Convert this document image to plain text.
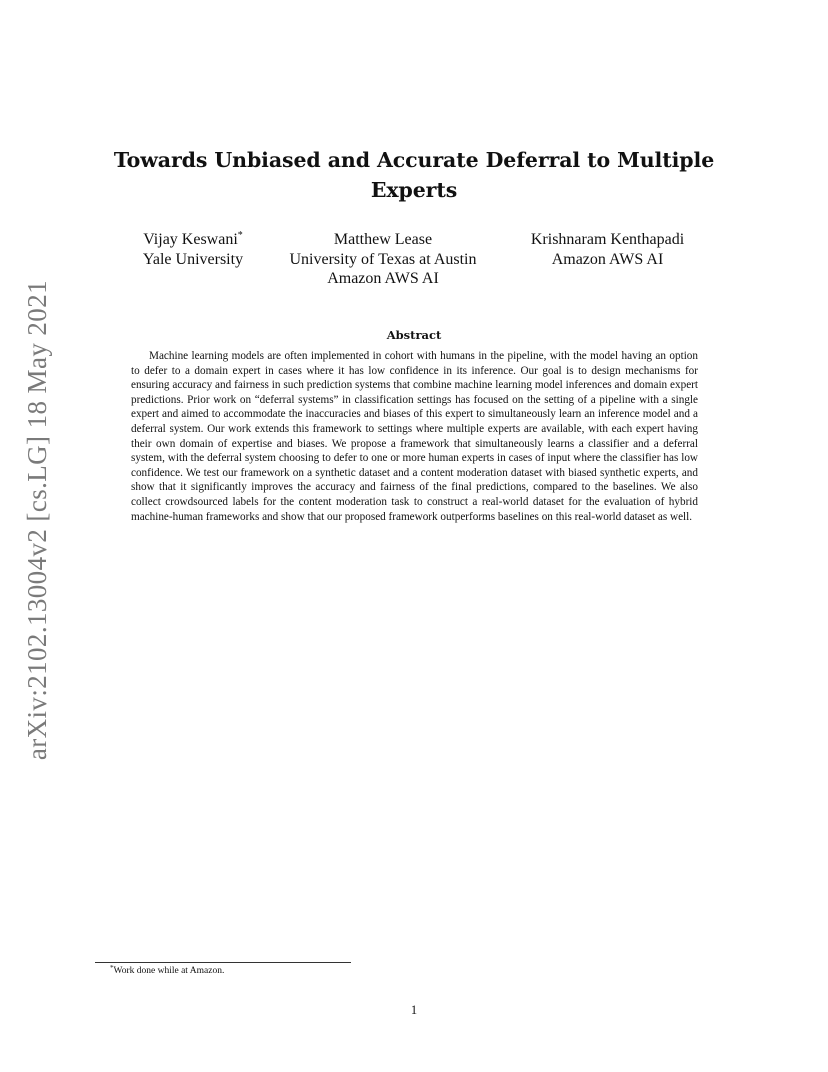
arXiv:2102.13004v2 [cs.LG] 18 May 2021
Towards Unbiased and Accurate Deferral to Multiple Experts
Vijay Keswani*
Yale University
Matthew Lease
University of Texas at Austin
Amazon AWS AI
Krishnaram Kenthapadi
Amazon AWS AI
Abstract

Machine learning models are often implemented in cohort with humans in the pipeline, with the model having an option to defer to a domain expert in cases where it has low confidence in its inference. Our goal is to design mechanisms for ensuring accuracy and fairness in such prediction systems that combine machine learning model inferences and domain expert predictions. Prior work on “deferral systems” in classification settings has focused on the setting of a pipeline with a single expert and aimed to accommodate the inaccuracies and biases of this expert to simultaneously learn an inference model and a deferral system. Our work extends this framework to settings where multiple experts are available, with each expert having their own domain of expertise and biases. We propose a framework that simultaneously learns a classifier and a deferral system, with the deferral system choosing to defer to one or more human experts in cases of input where the classifier has low confidence. We test our framework on a synthetic dataset and a content moderation dataset with biased synthetic experts, and show that it significantly improves the accuracy and fairness of the final predictions, compared to the baselines. We also collect crowdsourced labels for the content moderation task to construct a real-world dataset for the evaluation of hybrid machine-human frameworks and show that our proposed framework outperforms baselines on this real-world dataset as well.

*Work done while at Amazon.
1
